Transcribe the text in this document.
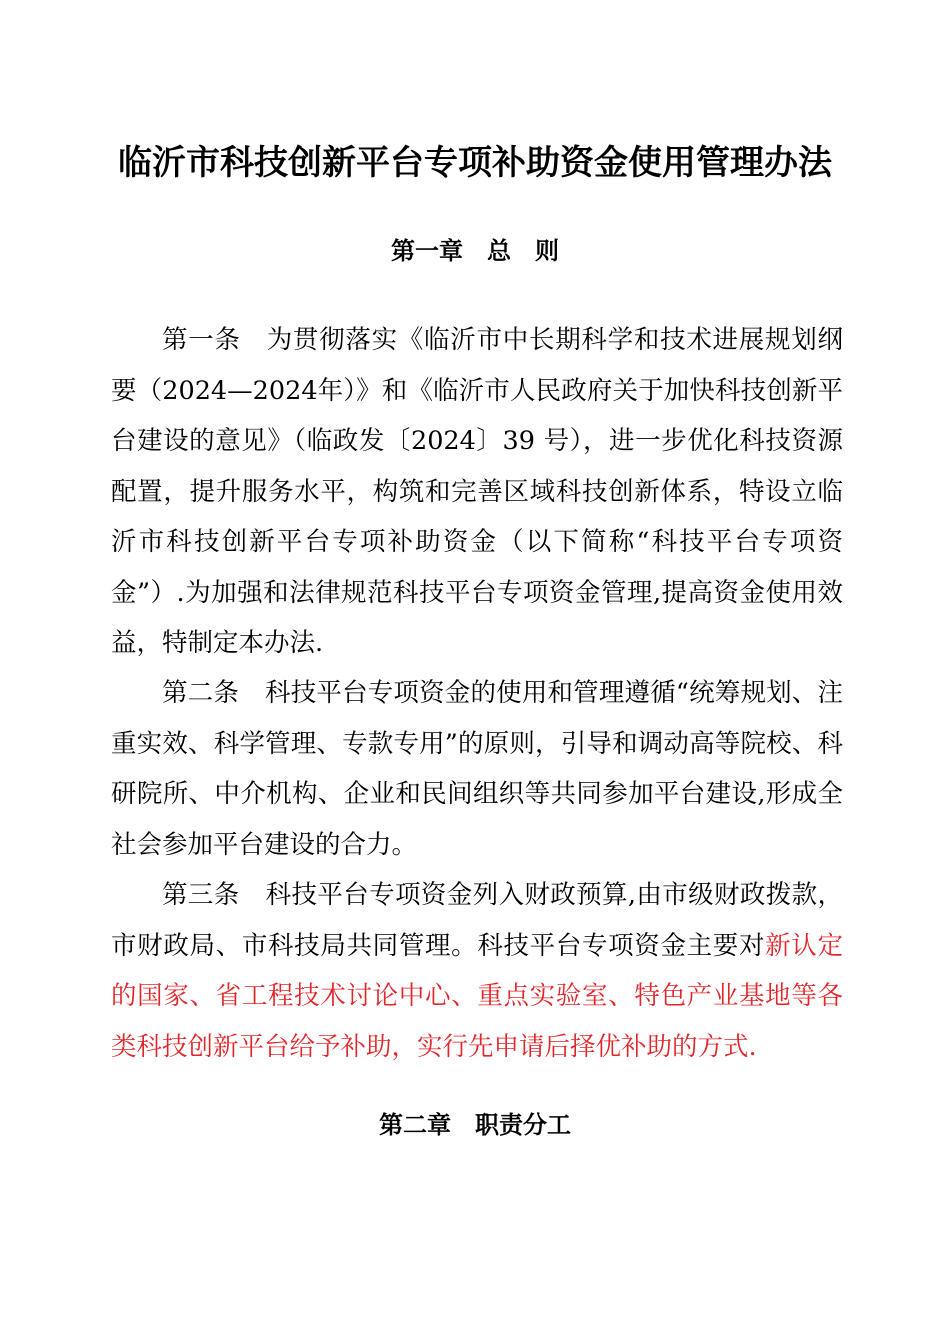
临沂市科技创新平台专项补助资金使用管理办法
第一章　总　则

第一条 为贯彻落实《临沂市中长期科学和技术进展规划纲要（2024—2024年）》和《临沂市人民政府关于加快科技创新平台建设的意见》（临政发〔2024〕39 号），进一步优化科技资源配置，提升服务水平，构筑和完善区域科技创新体系，特设立临沂市科技创新平台专项补助资金（以下简称“科技平台专项资金”）.为加强和法律规范科技平台专项资金管理,提高资金使用效益，特制定本办法.

第二条 科技平台专项资金的使用和管理遵循“统筹规划、注重实效、科学管理、专款专用”的原则，引导和调动高等院校、科研院所、中介机构、企业和民间组织等共同参加平台建设,形成全社会参加平台建设的合力。

第三条 科技平台专项资金列入财政预算,由市级财政拨款，市财政局、市科技局共同管理。科技平台专项资金主要对新认定的国家、省工程技术讨论中心、重点实验室、特色产业基地等各类科技创新平台给予补助，实行先申请后择优补助的方式.

第二章　职责分工
